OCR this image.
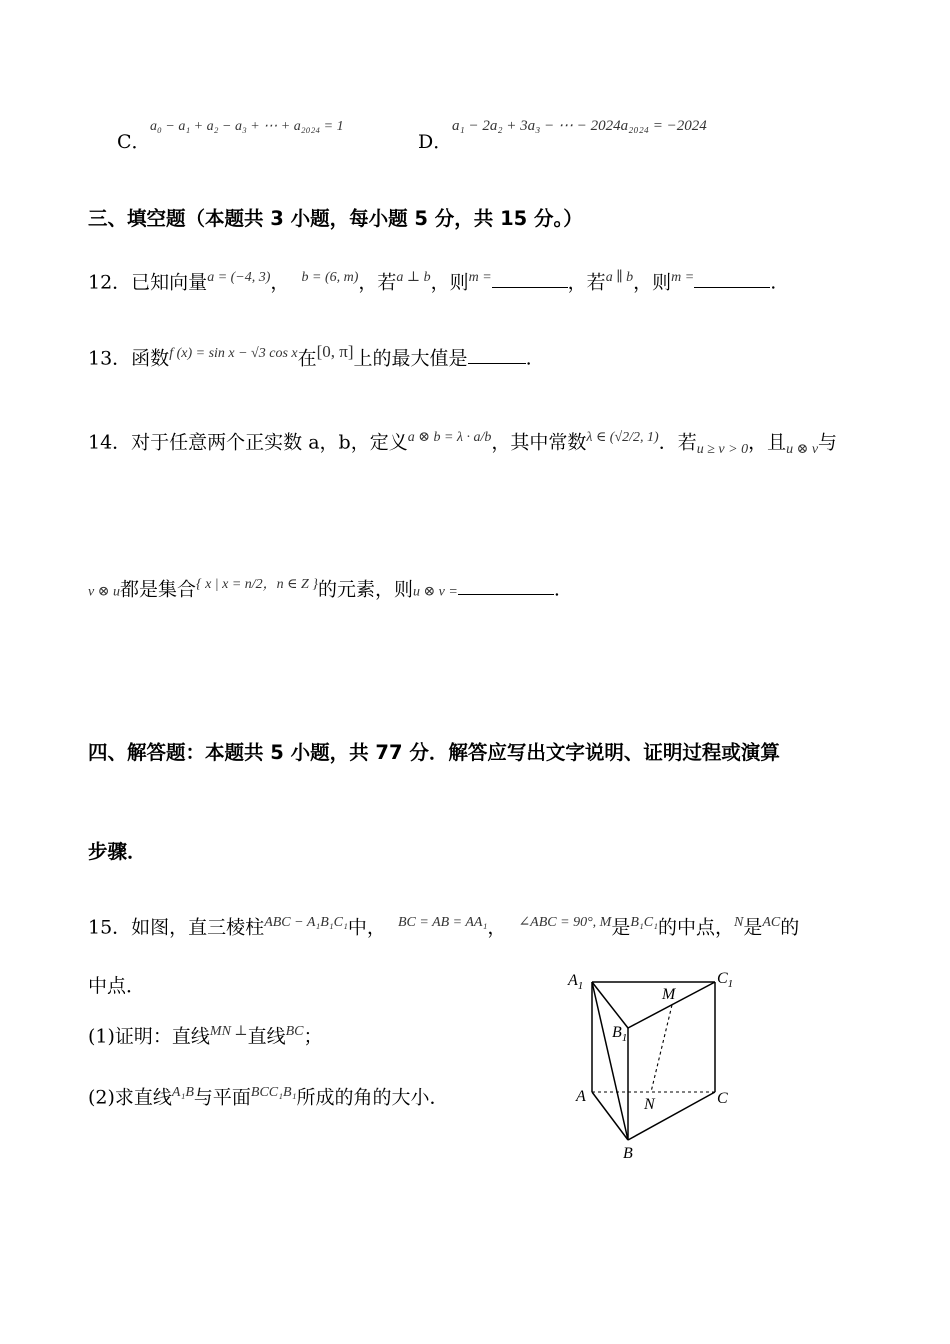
C．
a₀ − a₁ + a₂ − a₃ + ⋯ + a₂₀₂₄ = 1
D．
a₁ − 2a₂ + 3a₃ − ⋯ − 2024a₂₀₂₄ = −2024
三、填空题（本题共 3 小题，每小题 5 分，共 15 分。）
12．已知向量$^{a = (-4, 3)}$， $^{b = (6, m)}$，若$^{a \perp b}$，则$^{m =}$	，若$^{a \parallel b}$，则$^{m =}$	.
13．函数$^{f (x) = sin x - √3 cos x}$在[0, π]上的最大值是	.
14．对于任意两个正实数 a，b，定义$^{a \otimes b = \lambda \cdot a/b}$，其中常数$^{\lambda \in (√2/2, 1)}$．若$_{u \ge v > 0}$，且$_{u \otimes v}$与
v ⊗ u都是集合$^{\{ x | x = n/2,n \in Z \}}$的元素，则u ⊗ v =	.
四、解答题：本题共 5 小题，共 77 分．解答应写出文字说明、证明过程或演算
步骤．
15．如图，直三棱柱$^{ABC - A_1B_1C_1}$中， $^{BC = AB = AA_1}$， $^{\angle ABC = 90^\circ, M}$是$^{B_1C_1}$的中点，$^N$是$^{AC}$的
中点．
(1)证明：直线$^{MN \perp}$直线$^{BC}$；
(2)求直线$^{A_1B}$与平面$^{BCC_1B_1}$所成的角的大小．
$A_1$	$C_1$
M
$B_1$
A	N	C
B
